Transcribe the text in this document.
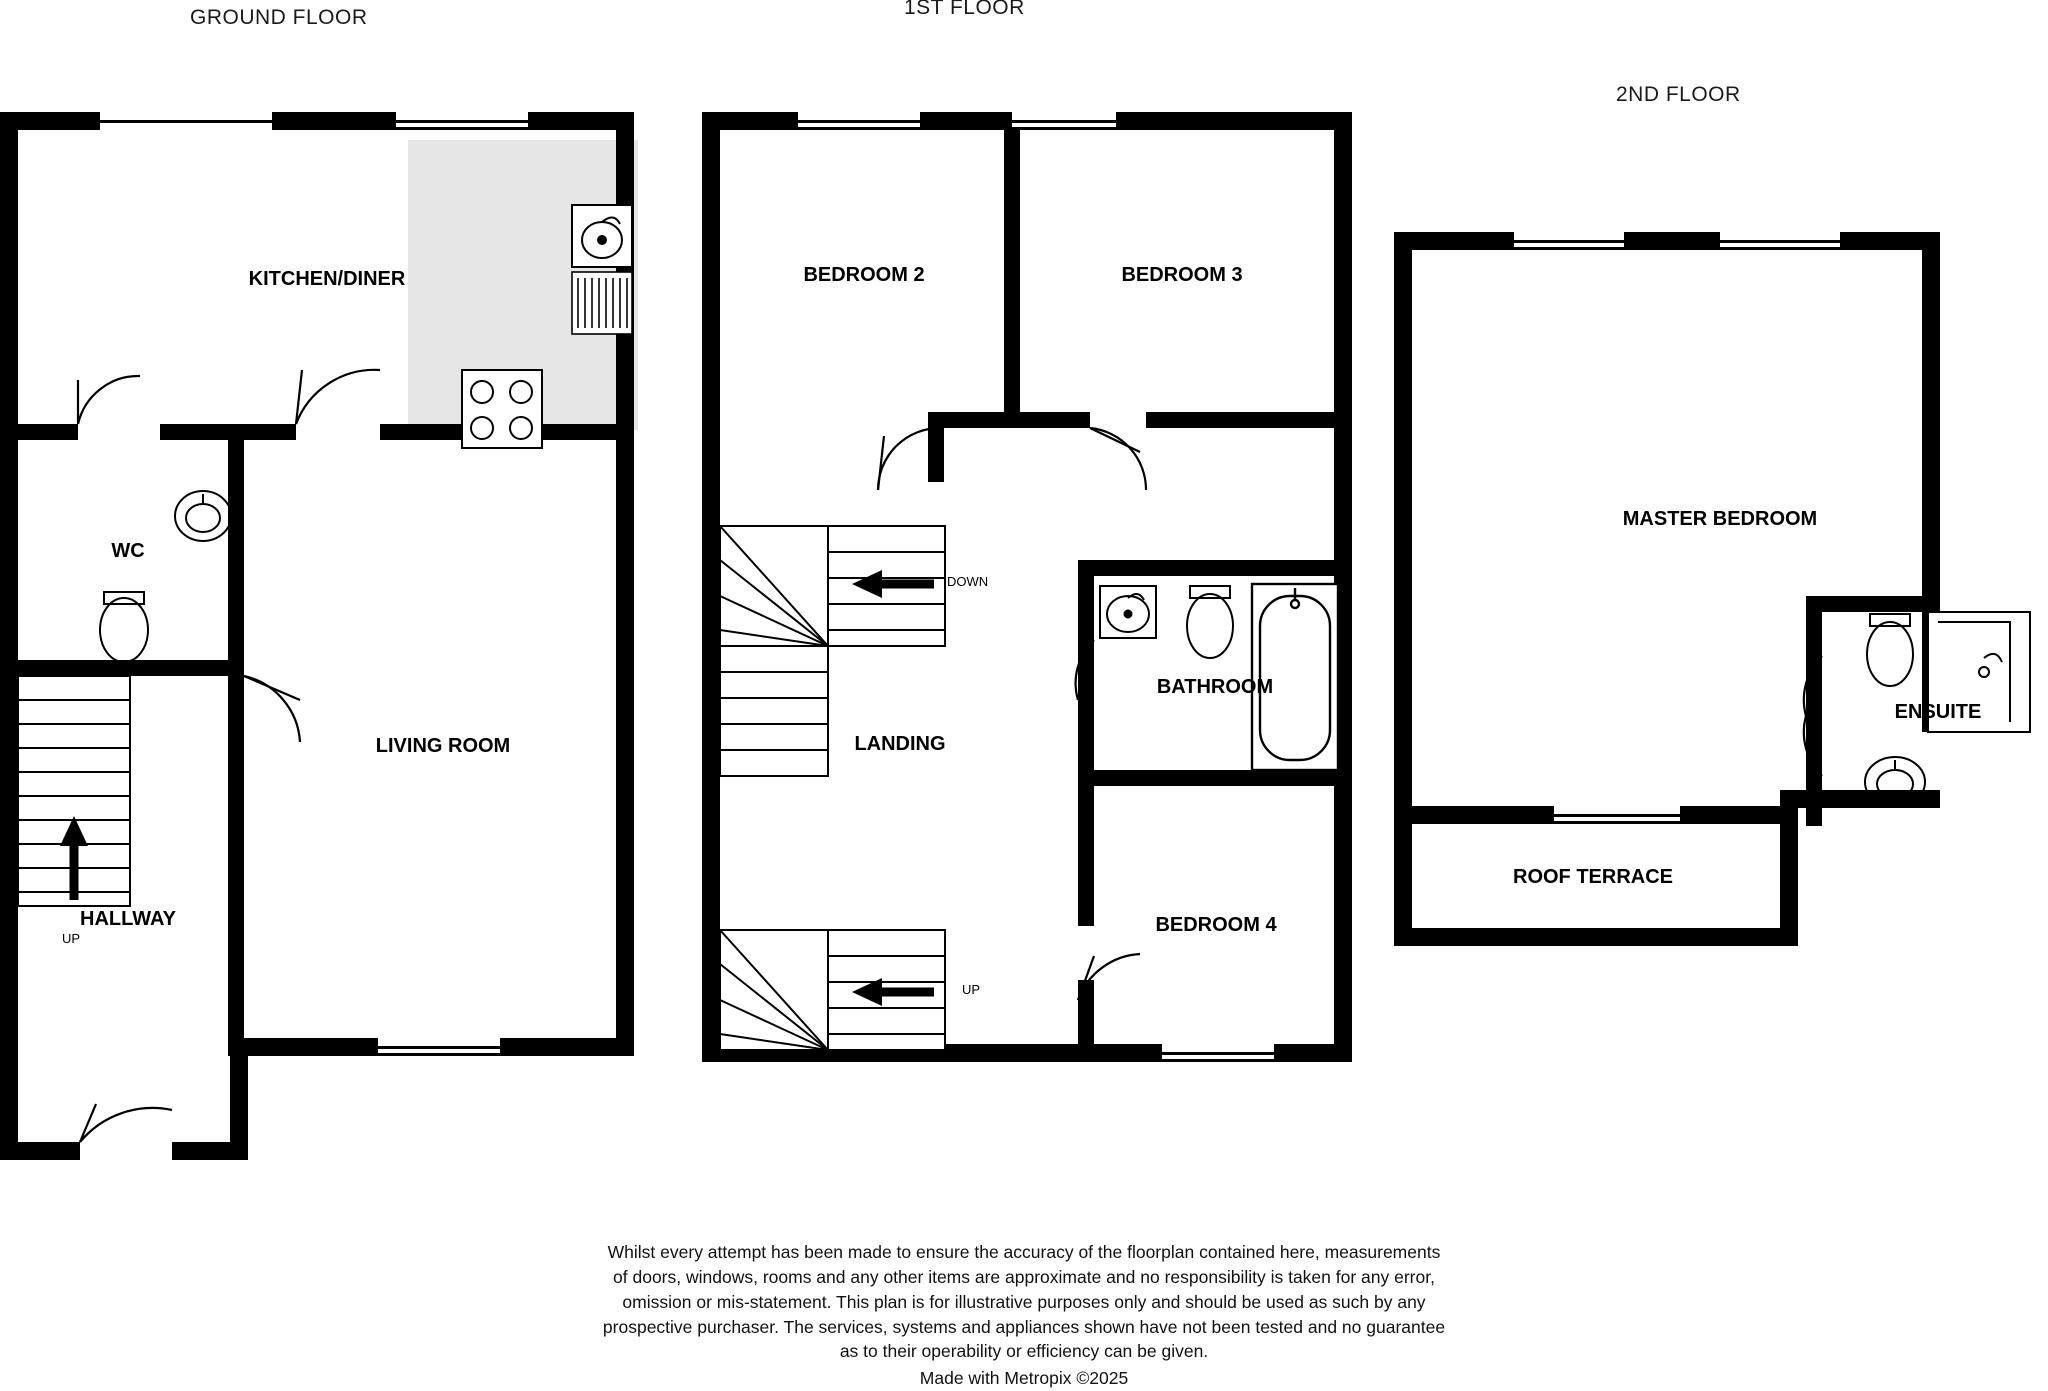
GROUND FLOOR	1ST FLOOR
2ND FLOOR
KITCHEN/DINER
WC
LIVING ROOM
HALLWAY
BEDROOM 2	BEDROOM 3
LANDING
BATHROOM
BEDROOM 4
MASTER BEDROOM
ENSUITE
ROOF TERRACE
UP
DOWN
UP
Whilst every attempt has been made to ensure the accuracy of the floorplan contained here, measurements
of doors, windows, rooms and any other items are approximate and no responsibility is taken for any error,
omission or mis-statement. This plan is for illustrative purposes only and should be used as such by any
prospective purchaser. The services, systems and appliances shown have not been tested and no guarantee
as to their operability or efficiency can be given.
Made with Metropix ©2025
